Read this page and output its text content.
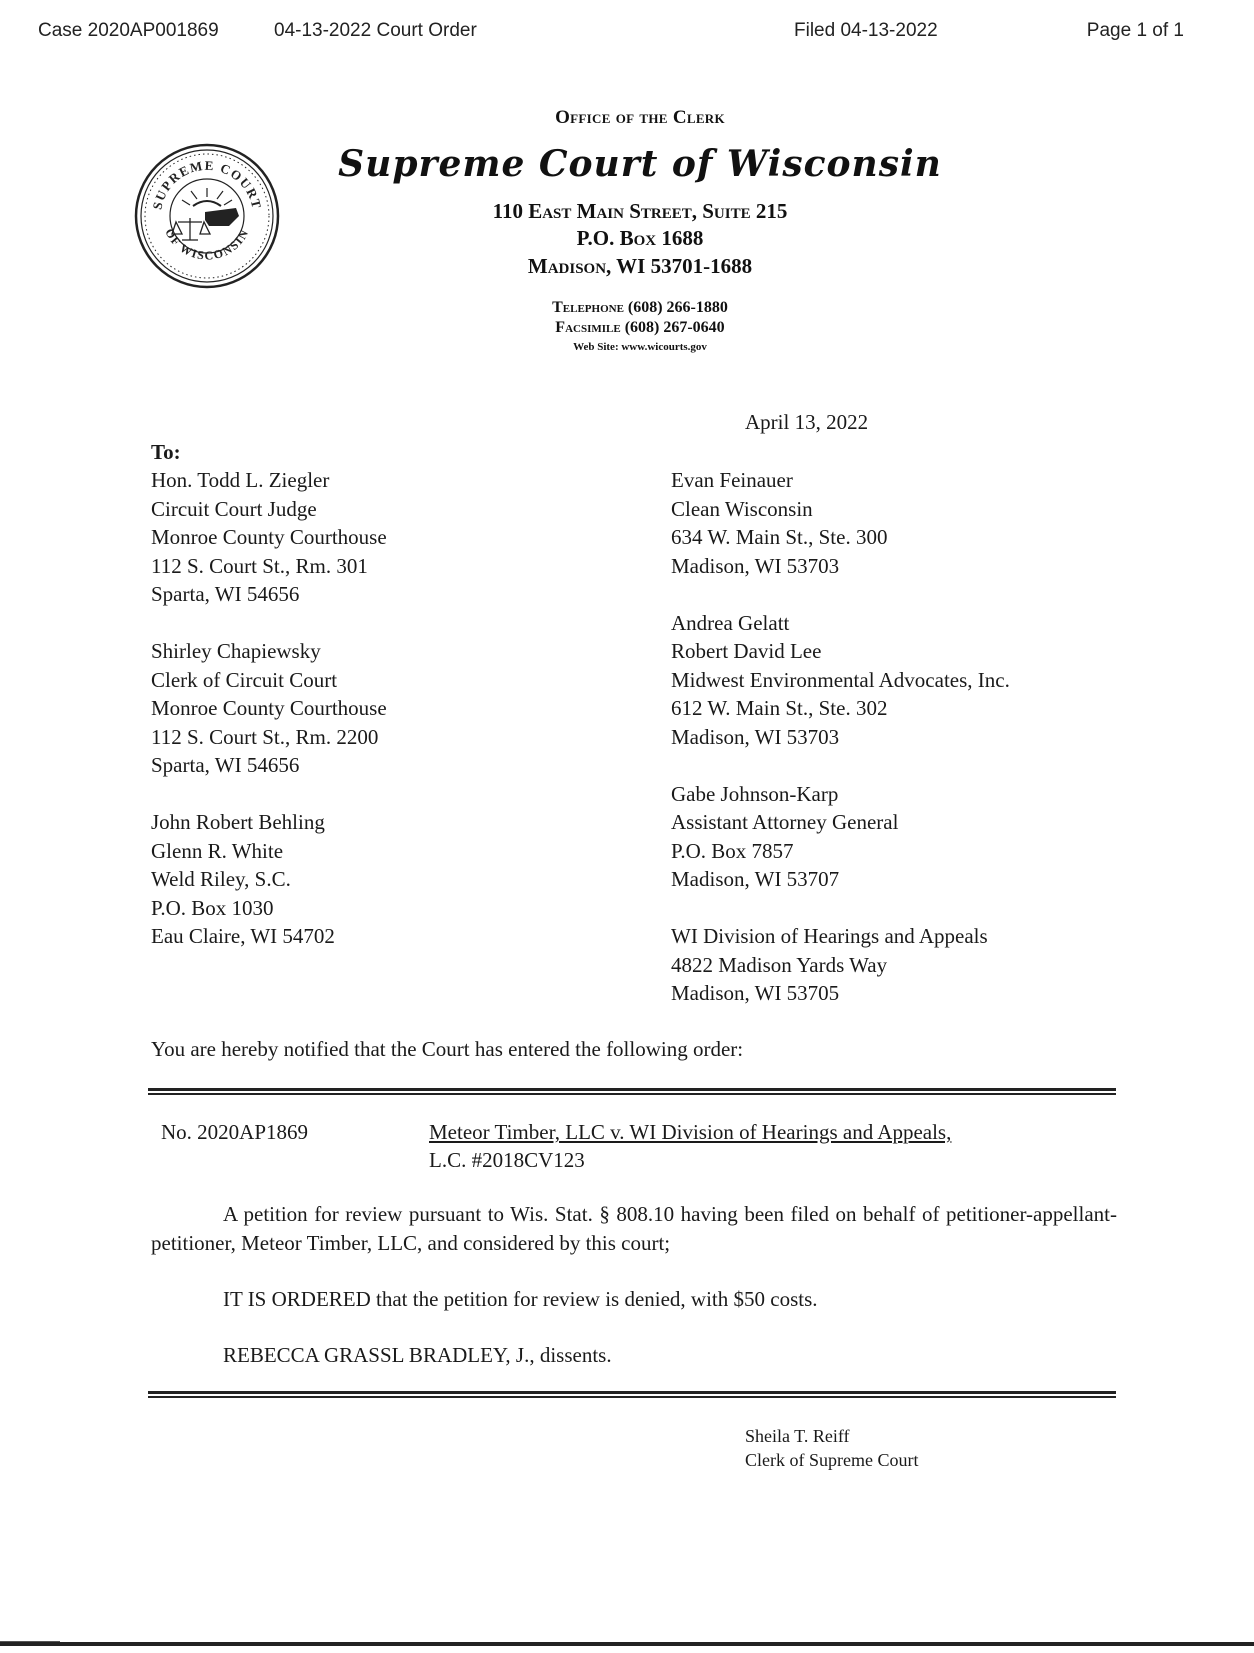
Case 2020AP001869	04-13-2022 Court Order	Filed 04-13-2022	Page 1 of 1
SUPREME COURT
OF WISCONSIN
Office of the Clerk
Supreme Court of Wisconsin
110 East Main Street, Suite 215
P.O. Box 1688
Madison, WI 53701-1688
Telephone (608) 266-1880
Facsimile (608) 267-0640
Web Site: www.wicourts.gov
April 13, 2022
To:
Hon. Todd L. Ziegler
Circuit Court Judge
Monroe County Courthouse
112 S. Court St., Rm. 301
Sparta, WI 54656
Shirley Chapiewsky
Clerk of Circuit Court
Monroe County Courthouse
112 S. Court St., Rm. 2200
Sparta, WI 54656
John Robert Behling
Glenn R. White
Weld Riley, S.C.
P.O. Box 1030
Eau Claire, WI 54702
Evan Feinauer
Clean Wisconsin
634 W. Main St., Ste. 300
Madison, WI 53703
Andrea Gelatt
Robert David Lee
Midwest Environmental Advocates, Inc.
612 W. Main St., Ste. 302
Madison, WI 53703
Gabe Johnson-Karp
Assistant Attorney General
P.O. Box 7857
Madison, WI 53707
WI Division of Hearings and Appeals
4822 Madison Yards Way
Madison, WI 53705
You are hereby notified that the Court has entered the following order:
No. 2020AP1869	Meteor Timber, LLC v. WI Division of Hearings and Appeals,
L.C. #2018CV123
A petition for review pursuant to Wis. Stat. § 808.10 having been filed on behalf of petitioner-appellant-petitioner, Meteor Timber, LLC, and considered by this court;
IT IS ORDERED that the petition for review is denied, with $50 costs.
REBECCA GRASSL BRADLEY, J., dissents.
Sheila T. Reiff
Clerk of Supreme Court
